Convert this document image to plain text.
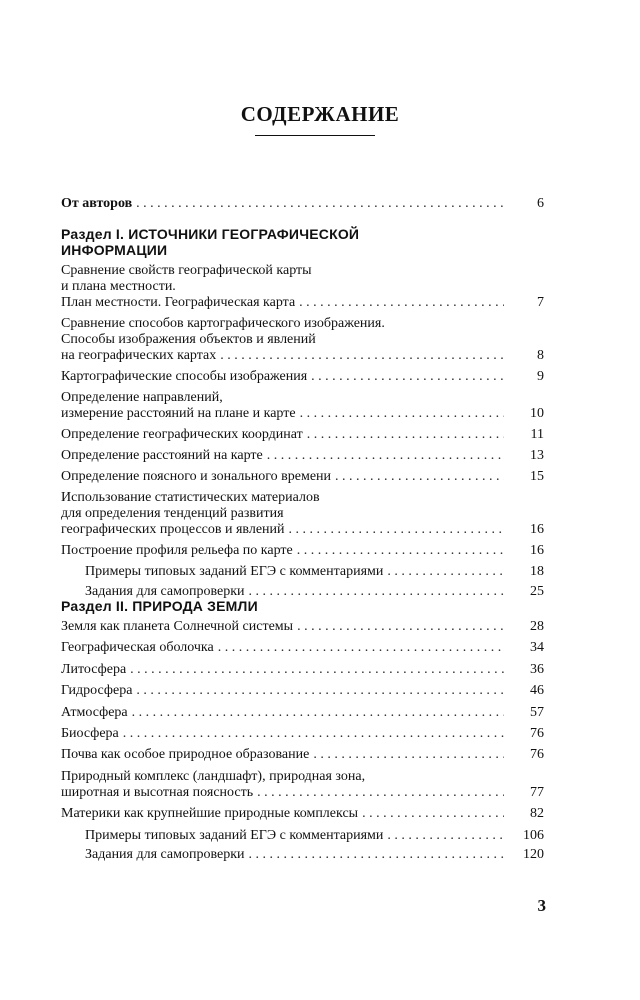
СОДЕРЖАНИЕ
От авторов . . .	6
Раздел I. ИСТОЧНИКИ ГЕОГРАФИЧЕСКОЙ
ИНФОРМАЦИИ
Сравнение свойств географической карты
и плана местности.
План местности. Географическая карта . . .	7
Сравнение способов картографического изображения.
Способы изображения объектов и явлений
на географических картах . . .	8
Картографические способы изображения . . .	9
Определение направлений,
измерение расстояний на плане и карте . . .	10
Определение географических координат . . .	11
Определение расстояний на карте . . .	13
Определение поясного и зонального времени . . .	15
Использование статистических материалов
для определения тенденций развития
географических процессов и явлений . . .	16
Построение профиля рельефа по карте . . .	16
Примеры типовых заданий ЕГЭ с комментариями . . .	18
Задания для самопроверки . . .	25
Раздел II. ПРИРОДА ЗЕМЛИ
Земля как планета Солнечной системы . . .	28
Географическая оболочка . . .	34
Литосфера . . .	36
Гидросфера . . .	46
Атмосфера . . .	57
Биосфера . . .	76
Почва как особое природное образование . . .	76
Природный комплекс (ландшафт), природная зона,
широтная и высотная поясность . . .	77
Материки как крупнейшие природные комплексы . . .	82
Примеры типовых заданий ЕГЭ с комментариями . . .	106
Задания для самопроверки . . .	120

3
